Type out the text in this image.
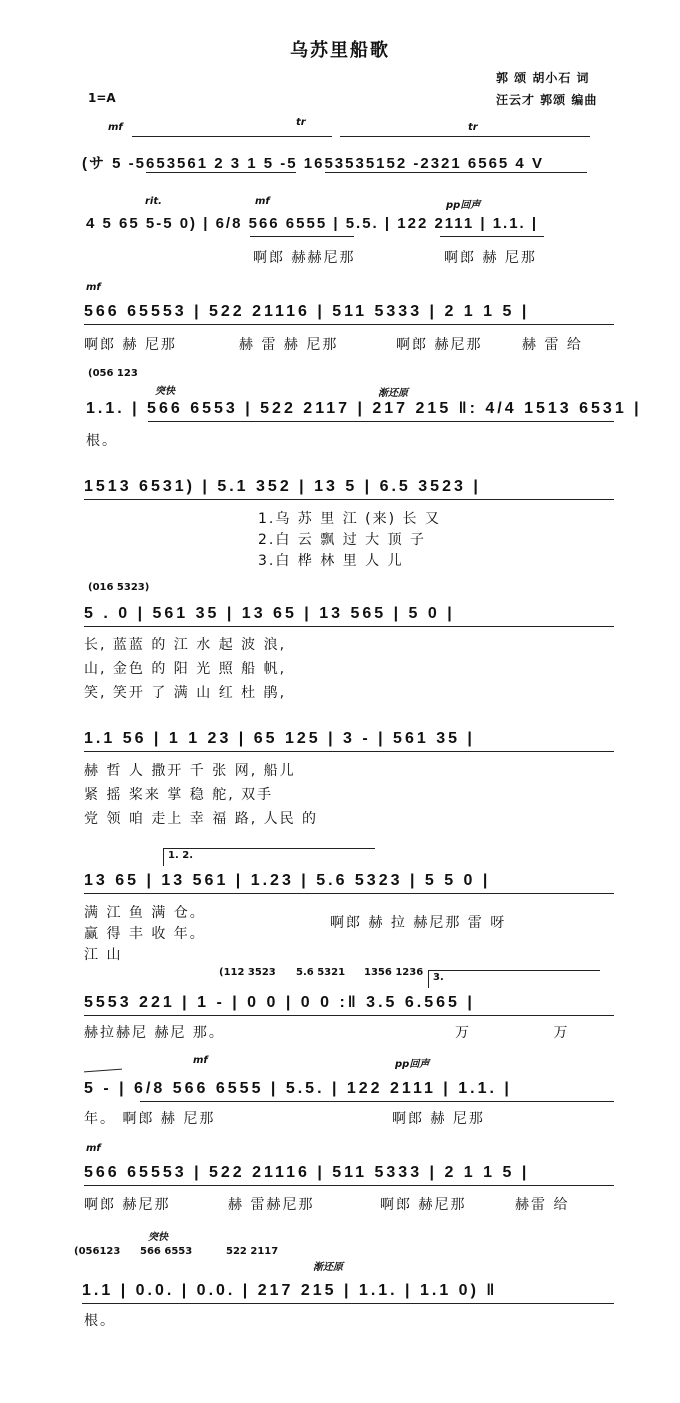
乌苏里船歌
郭 颂 胡小石 词
汪云才 郭颂 编曲
1=A
mf	tr	tr
(サ 5 -5653561 2 3 1 5 -5 1653535152 -2321 6565 4 V
rit.	mf	pp回声
4 5 65 5-5 0) | 6/8 566 6555 | 5.5. | 122 2111 | 1.1. |
啊郎 赫赫尼那	啊郎 赫 尼那
mf
566 65553 | 522 21116 | 511 5333 | 2 1 1 5 |
啊郎 赫 尼那	赫 雷 赫 尼那	啊郎 赫尼那	赫 雷 给
(056 123
突快	渐还原
1.1. | 566 6553 | 522 2117 | 217 215 ‖: 4/4 1513 6531 |
根。
1513 6531) | 5.1 352 | 13 5 | 6.5 3523 |
1.乌 苏 里 江 (来) 长 又
2.白 云 飘 过 大 顶 子
3.白 桦 林 里 人 儿
(016 5323)
5 . 0 | 561 35 | 13 65 | 13 565 | 5 0 |
长, 蓝蓝 的 江 水 起 波 浪,
山, 金色 的 阳 光 照 船 帆,
笑, 笑开 了 满 山 红 杜 鹃,
1.1 56 | 1 1 23 | 65 125 | 3 - | 561 35 |
赫 哲 人 撒开 千 张 网, 船儿
紧 摇 桨来 掌 稳 舵, 双手
党 领 咱 走上 幸 福 路, 人民 的
1. 2.
13 65 | 13 561 | 1.23 | 5.6 5323 | 5 5 0 |
满 江 鱼 满 仓。
赢 得 丰 收 年。
江 山
啊郎 赫 拉 赫尼那 雷 呀
(112 3523 5.6 5321 1356 1236 3.
5553 221 | 1 - | 0 0 | 0 0 :‖ 3.5 6.565 |
赫拉赫尼 赫尼 那。	万 万
mf	pp回声
5 - | 6/8 566 6555 | 5.5. | 122 2111 | 1.1. |
年。 啊郎 赫 尼那	啊郎 赫 尼那
mf
566 65553 | 522 21116 | 511 5333 | 2 1 1 5 |
啊郎 赫尼那	赫 雷赫尼那	啊郎 赫尼那	赫雷 给
突快
(056123 566 6553	522 2117
渐还原
1.1 | 0.0. | 0.0. | 217 215 | 1.1. | 1.1 0) ‖
根。
